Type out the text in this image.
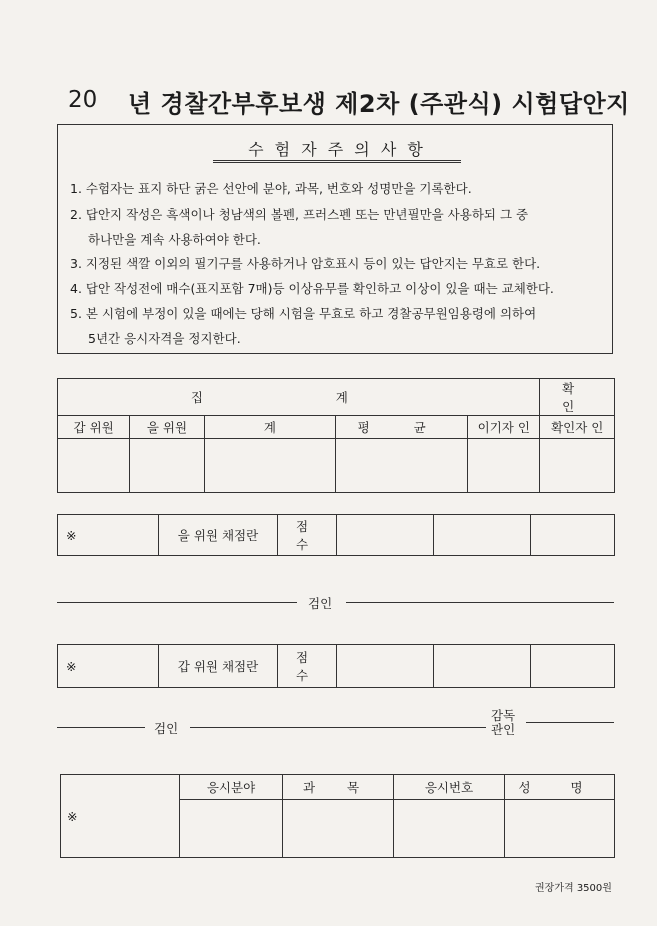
20 년 경찰간부후보생 제2차 (주관식) 시험답안지
수 험 자 주 의 사 항
1. 수험자는 표지 하단 굵은 선안에 분야, 과목, 번호와 성명만을 기록한다.
2. 답안지 작성은 흑색이나 청남색의 볼펜, 프러스펜 또는 만년필만을 사용하되 그 중
하나만을 계속 사용하여야 한다.
3. 지정된 색깔 이외의 필기구를 사용하거나 암호표시 등이 있는 답안지는 무효로 한다.
4. 답안 작성전에 매수(표지포함 7매)등 이상유무를 확인하고 이상이 있을 때는 교체한다.
5. 본 시험에 부정이 있을 때에는 당해 시험을 무효로 하고 경찰공무원임용령에 의하여
5년간 응시자격을 정지한다.
집			계		확 인
갑 위원	을 위원	계	평 균	이기자 인	확인자 인

※	을 위원 채점란	점 수			
검인
※	갑 위원 채점란	점 수			
검인
감독
관인
※	응시분야	과 목	응시번호	성 명

권장가격 3500원
